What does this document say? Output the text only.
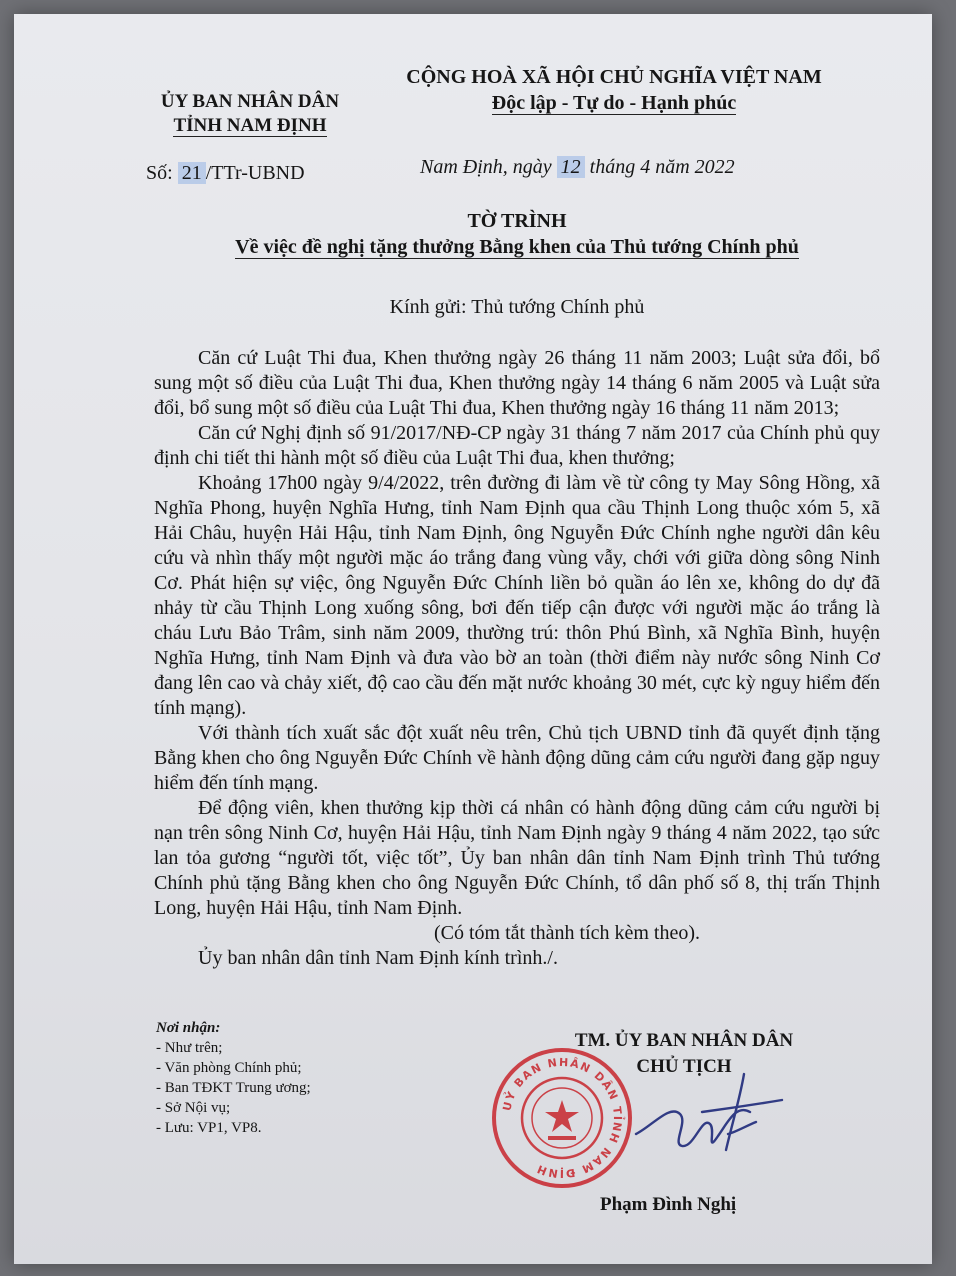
ỦY BAN NHÂN DÂN
TỈNH NAM ĐỊNH
CỘNG HOÀ XÃ HỘI CHỦ NGHĨA VIỆT NAM
Độc lập - Tự do - Hạnh phúc
Số: 21 /TTr-UBND	Nam Định, ngày 12 tháng 4 năm 2022
TỜ TRÌNH
Về việc đề nghị tặng thưởng Bằng khen của Thủ tướng Chính phủ
Kính gửi: Thủ tướng Chính phủ

Căn cứ Luật Thi đua, Khen thưởng ngày 26 tháng 11 năm 2003; Luật sửa đổi, bổ sung một số điều của Luật Thi đua, Khen thưởng ngày 14 tháng 6 năm 2005 và Luật sửa đổi, bổ sung một số điều của Luật Thi đua, Khen thưởng ngày 16 tháng 11 năm 2013;

Căn cứ Nghị định số 91/2017/NĐ-CP ngày 31 tháng 7 năm 2017 của Chính phủ quy định chi tiết thi hành một số điều của Luật Thi đua, khen thưởng;

Khoảng 17h00 ngày 9/4/2022, trên đường đi làm về từ công ty May Sông Hồng, xã Nghĩa Phong, huyện Nghĩa Hưng, tỉnh Nam Định qua cầu Thịnh Long thuộc xóm 5, xã Hải Châu, huyện Hải Hậu, tỉnh Nam Định, ông Nguyễn Đức Chính nghe người dân kêu cứu và nhìn thấy một người mặc áo trắng đang vùng vẫy, chới với giữa dòng sông Ninh Cơ. Phát hiện sự việc, ông Nguyễn Đức Chính liền bỏ quần áo lên xe, không do dự đã nhảy từ cầu Thịnh Long xuống sông, bơi đến tiếp cận được với người mặc áo trắng là cháu Lưu Bảo Trâm, sinh năm 2009, thường trú: thôn Phú Bình, xã Nghĩa Bình, huyện Nghĩa Hưng, tỉnh Nam Định và đưa vào bờ an toàn (thời điểm này nước sông Ninh Cơ đang lên cao và chảy xiết, độ cao cầu đến mặt nước khoảng 30 mét, cực kỳ nguy hiểm đến tính mạng).

Với thành tích xuất sắc đột xuất nêu trên, Chủ tịch UBND tỉnh đã quyết định tặng Bằng khen cho ông Nguyễn Đức Chính về hành động dũng cảm cứu người đang gặp nguy hiểm đến tính mạng.

Để động viên, khen thưởng kịp thời cá nhân có hành động dũng cảm cứu người bị nạn trên sông Ninh Cơ, huyện Hải Hậu, tỉnh Nam Định ngày 9 tháng 4 năm 2022, tạo sức lan tỏa gương “người tốt, việc tốt”, Ủy ban nhân dân tỉnh Nam Định trình Thủ tướng Chính phủ tặng Bằng khen cho ông Nguyễn Đức Chính, tổ dân phố số 8, thị trấn Thịnh Long, huyện Hải Hậu, tỉnh Nam Định.

(Có tóm tắt thành tích kèm theo).

Ủy ban nhân dân tỉnh Nam Định kính trình./.

Nơi nhận:
- Như trên;
- Văn phòng Chính phủ;
- Ban TĐKT Trung ương;
- Sở Nội vụ;
- Lưu: VP1, VP8.
TM. ỦY BAN NHÂN DÂN
CHỦ TỊCH
UỶ BAN NHÂN DÂN TỈNH NAM ĐỊNH
Phạm Đình Nghị
